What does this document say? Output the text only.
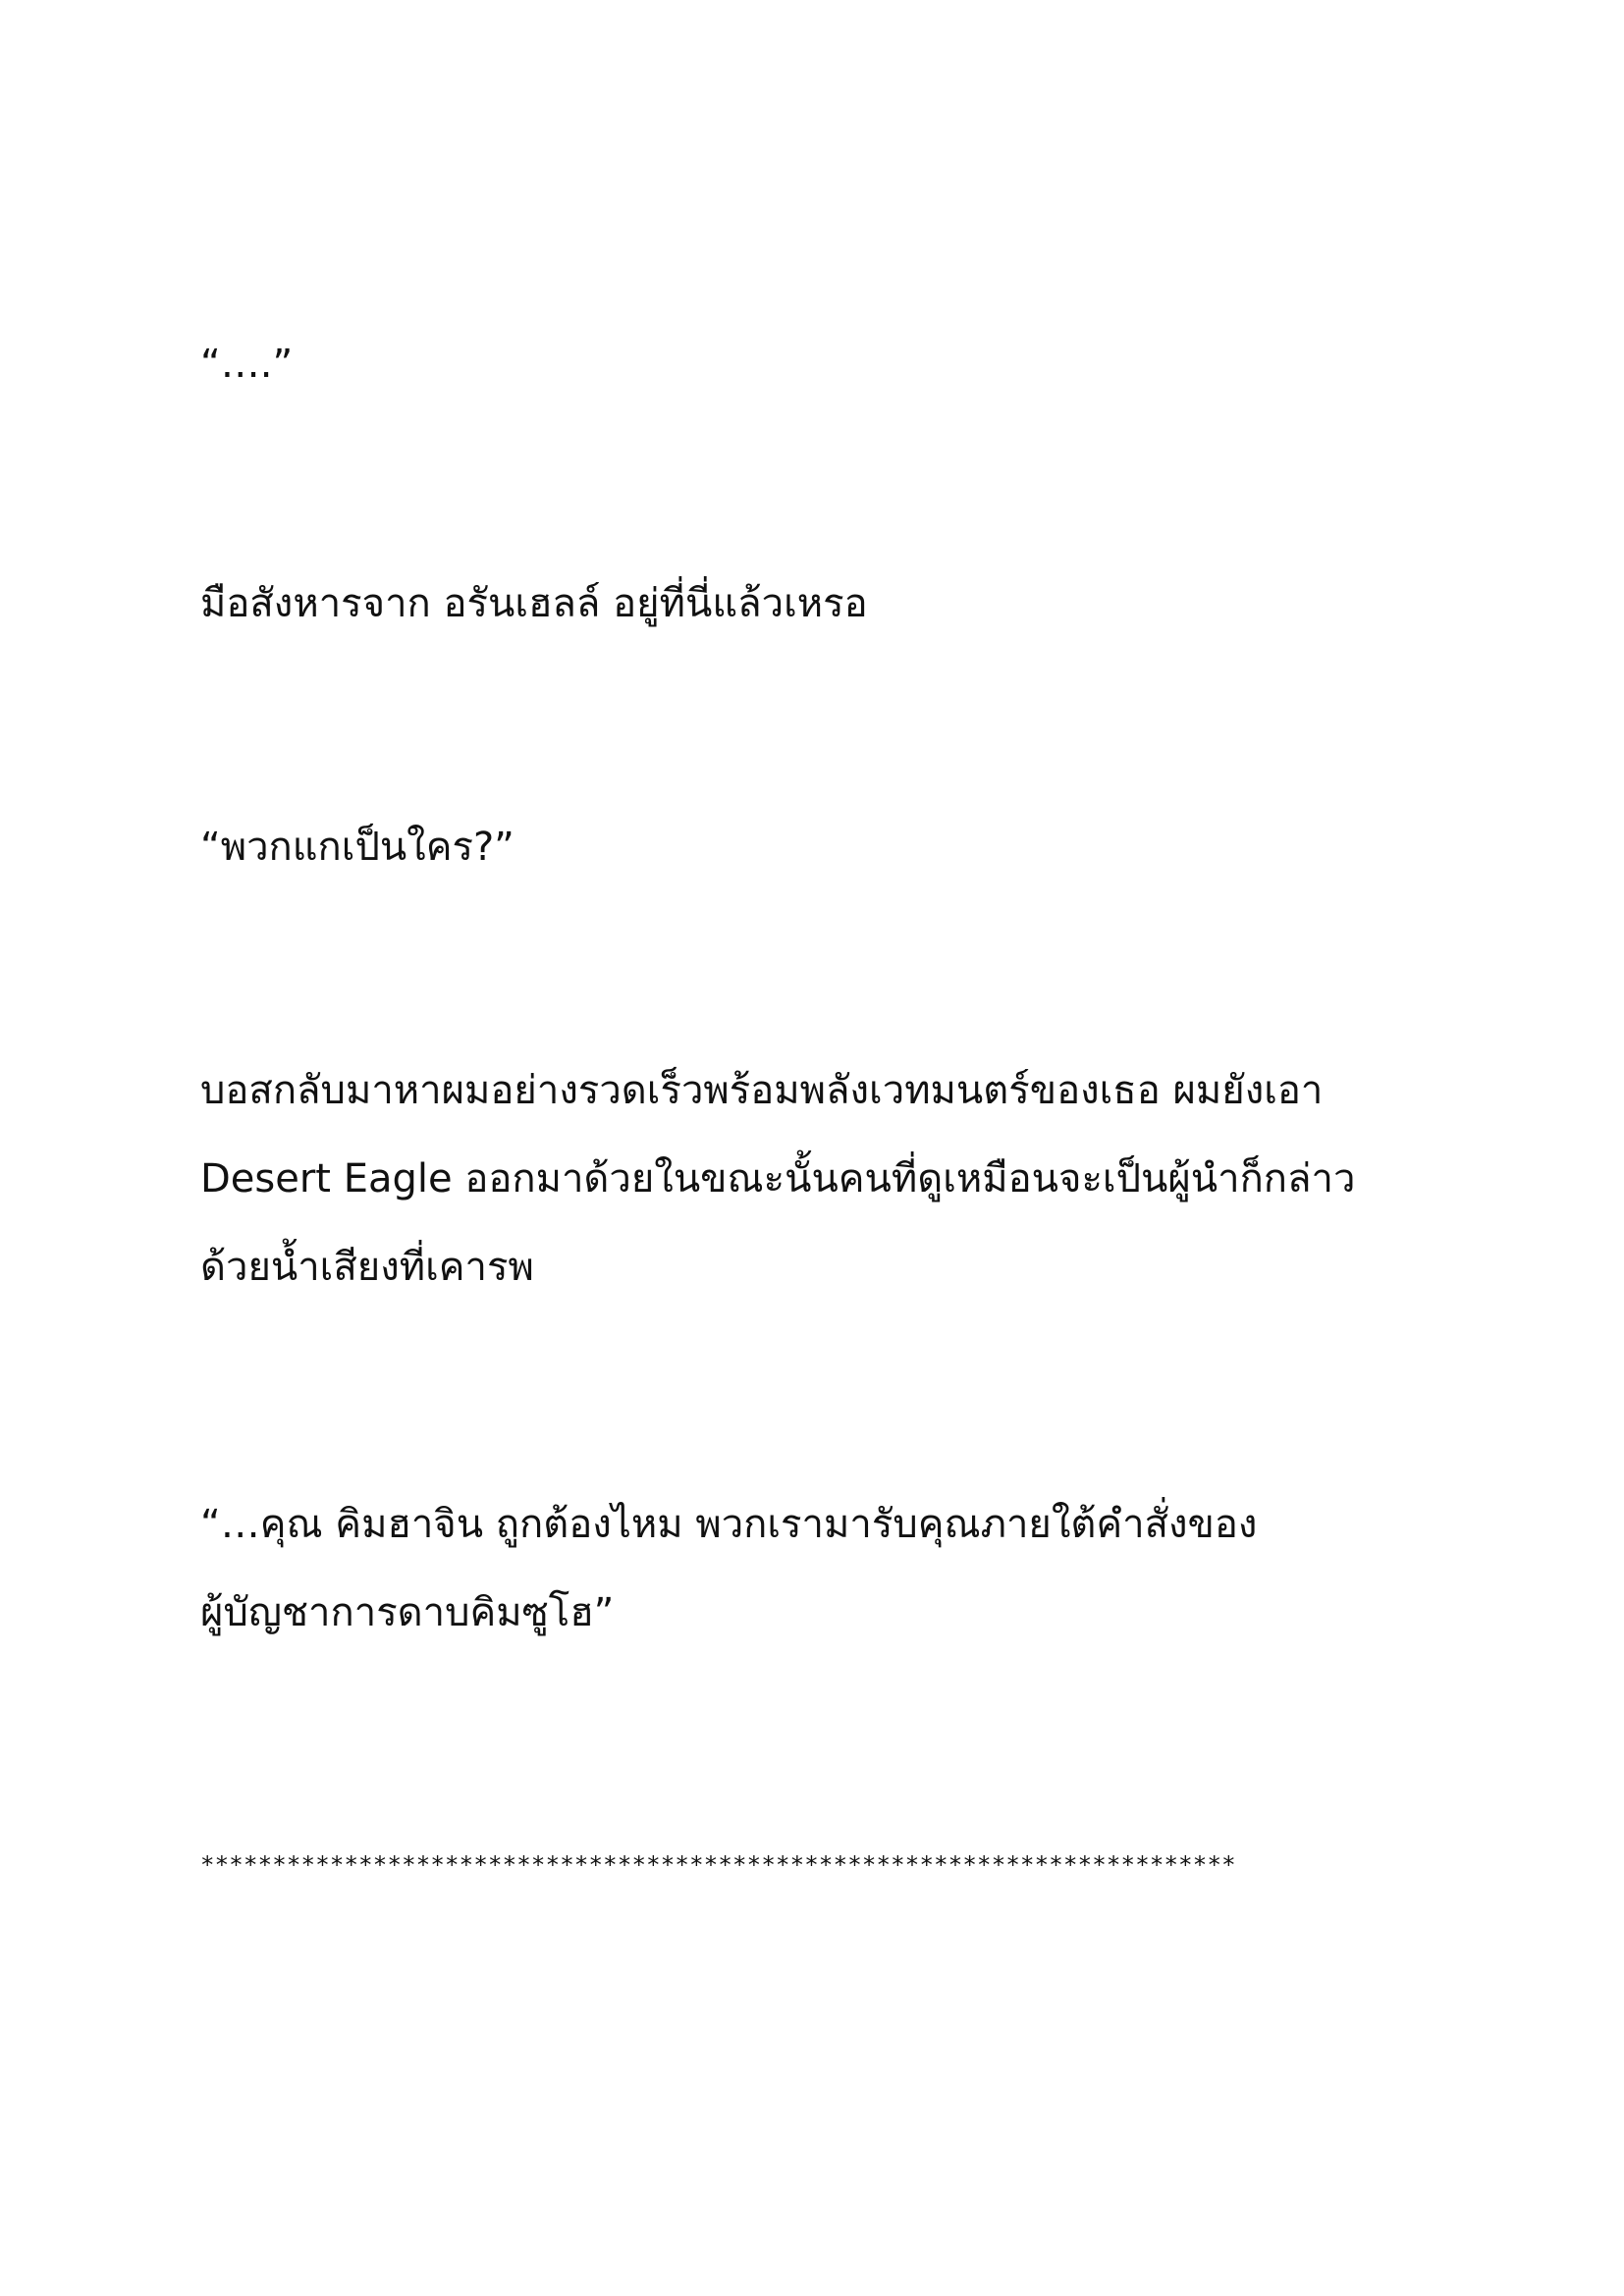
“….”

มือสังหารจาก อรันเฮลล์ อยู่ที่นี่แล้วเหรอ

“พวกแกเป็นใคร?”

บอสกลับมาหาผมอย่างรวดเร็วพร้อมพลังเวทมนตร์ของเธอ ผมยังเอา
Desert Eagle ออกมาด้วยในขณะนั้นคนที่ดูเหมือนจะเป็นผู้นำก็กล่าว
ด้วยน้ำเสียงที่เคารพ

“…คุณ คิมฮาจิน ถูกต้องไหม พวกเรามารับคุณภายใต้คำสั่งของ
ผู้บัญชาการดาบคิมซูโฮ”

************************************************************************
